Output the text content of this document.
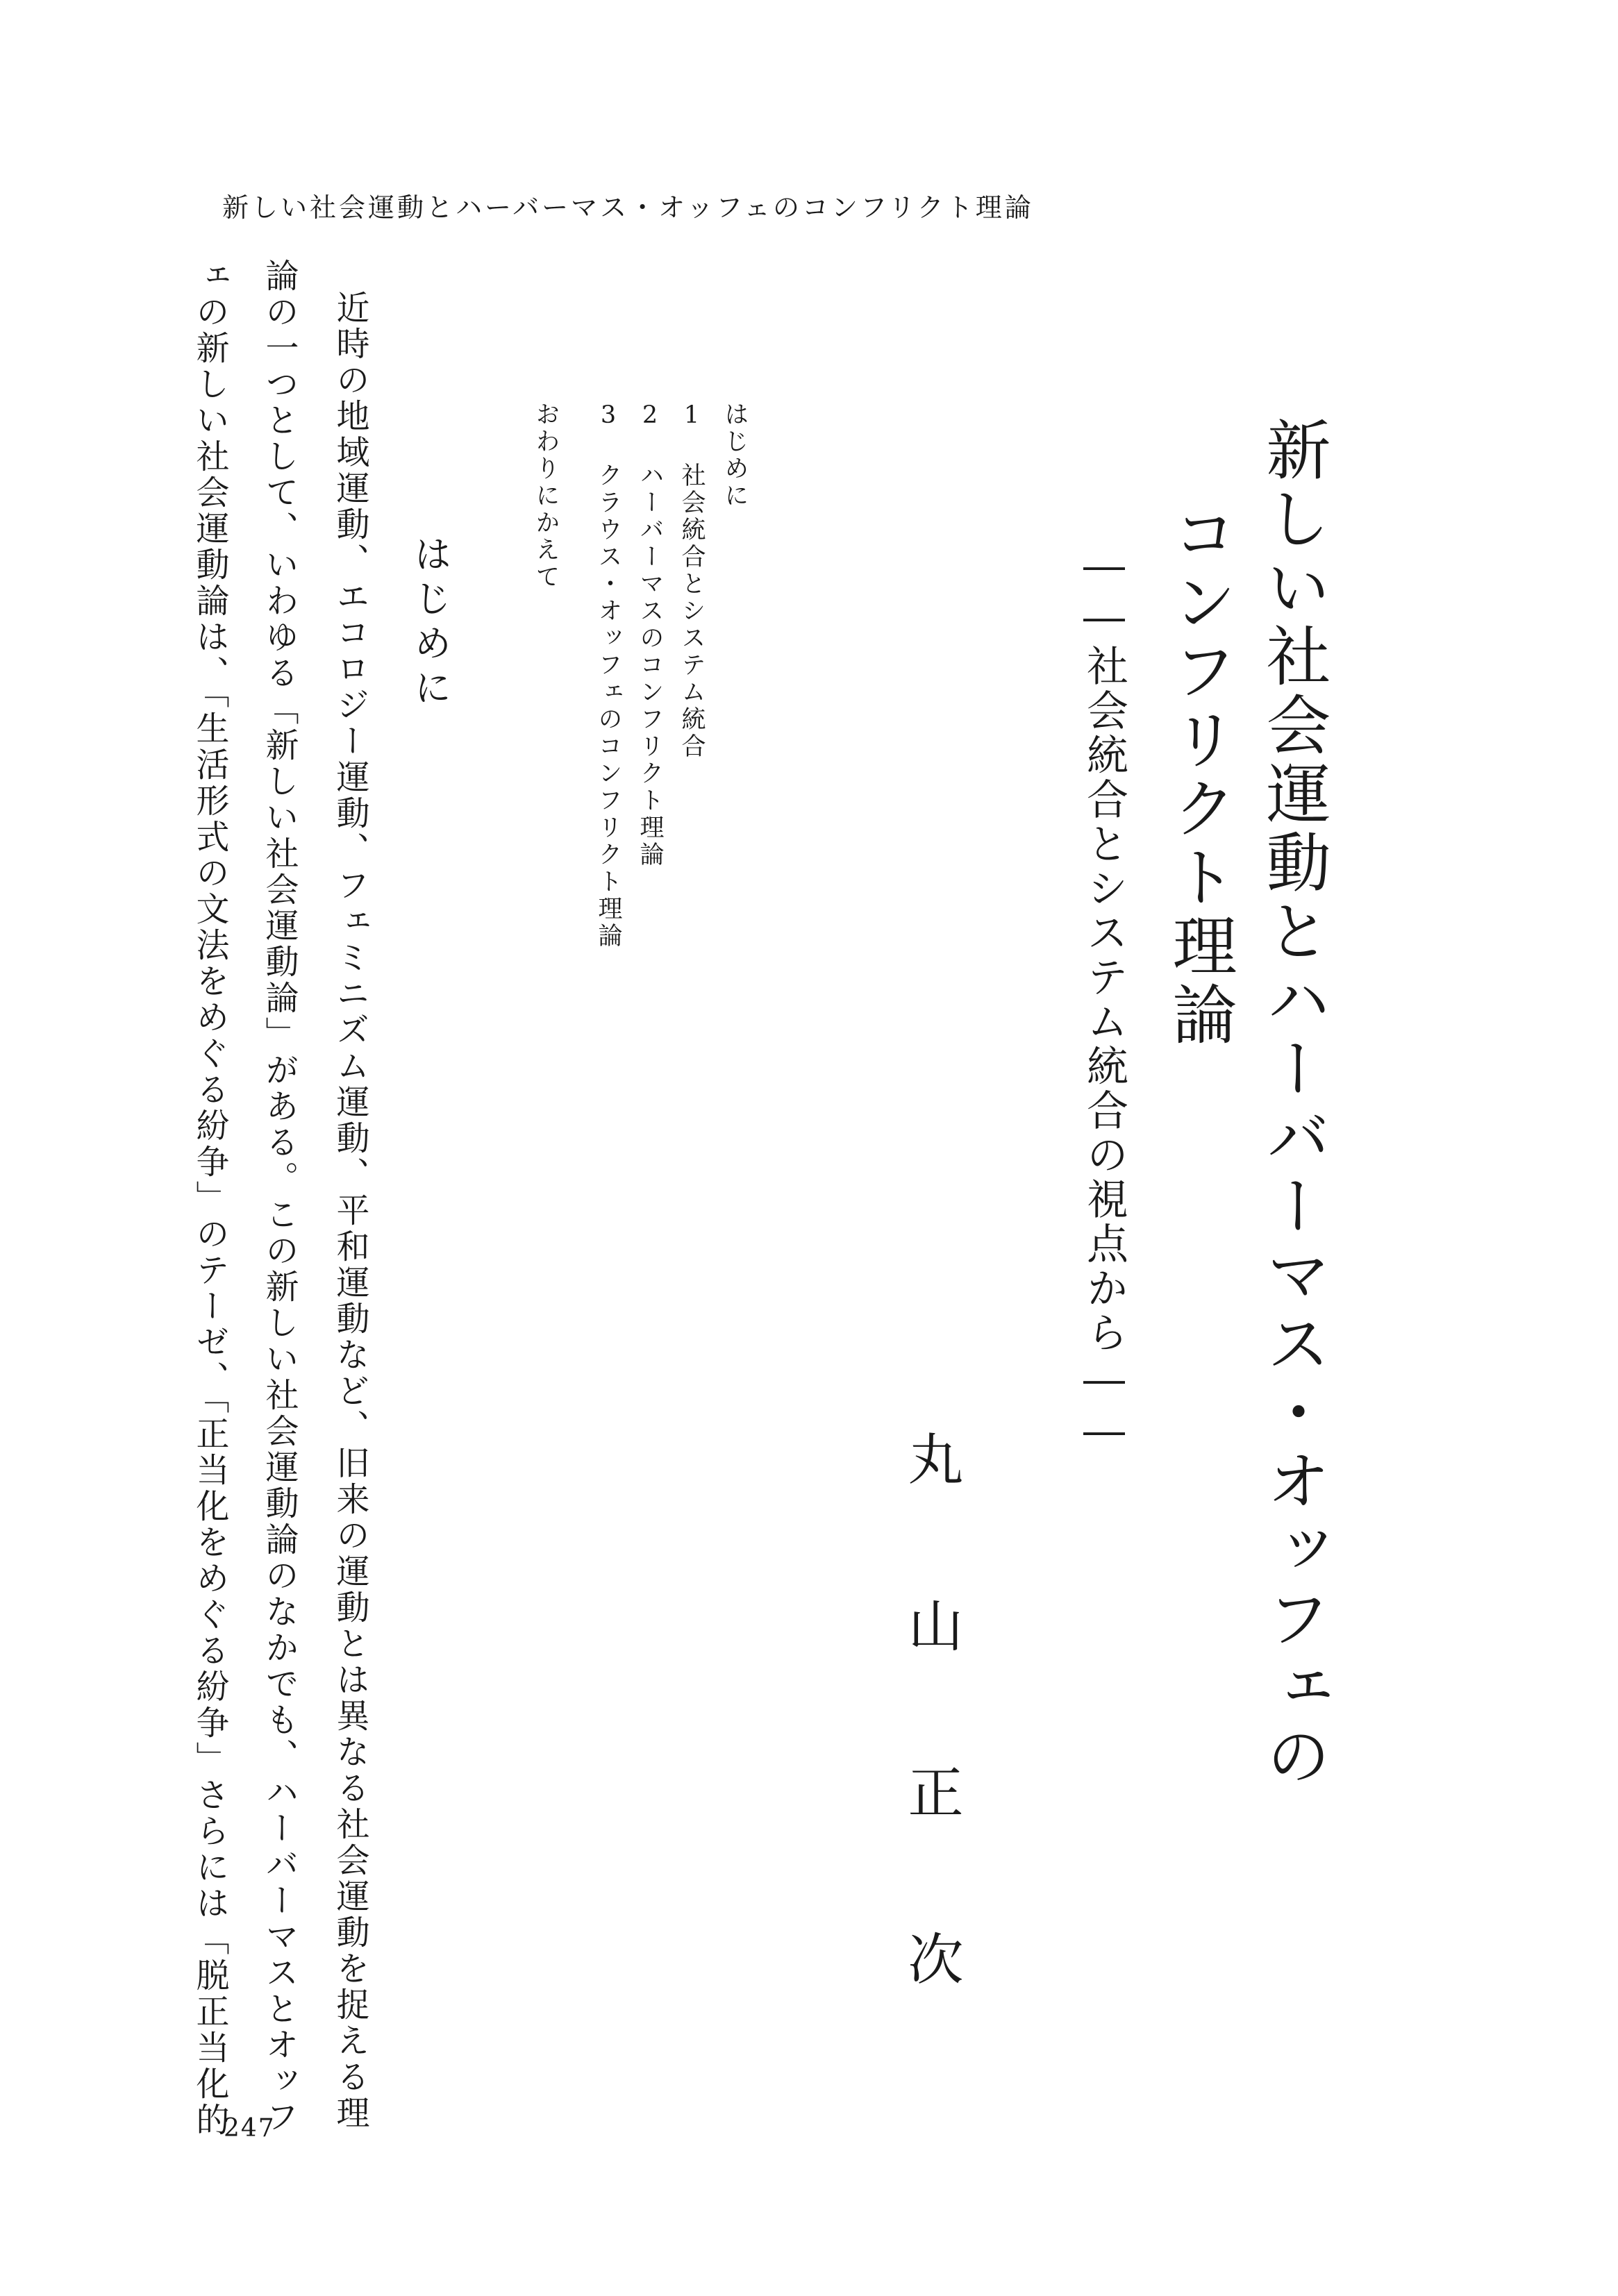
新しい社会運動とハーバーマス・オッフェのコンフリクト理論
新しい社会運動とハーバーマス・オッフェの
コンフリクト理論
――社会統合とシステム統合の視点から――
丸山正次
はじめに
1社会統合とシステム統合
2ハーバーマスのコンフリクト理論
3クラウス・オッフェのコンフリクト理論
おわりにかえて
はじめに
近時の地域運動、エコロジー運動、フェミニズム運動、平和運動など、旧来の運動とは異なる社会運動を捉える理
論の一つとして、いわゆる「新しい社会運動論」がある。この新しい社会運動論のなかでも、ハーバーマスとオッフ
ェの新しい社会運動論は、「生活形式の文法をめぐる紛争」のテーゼ、「正当化をめぐる紛争」さらには「脱正当化的
247
